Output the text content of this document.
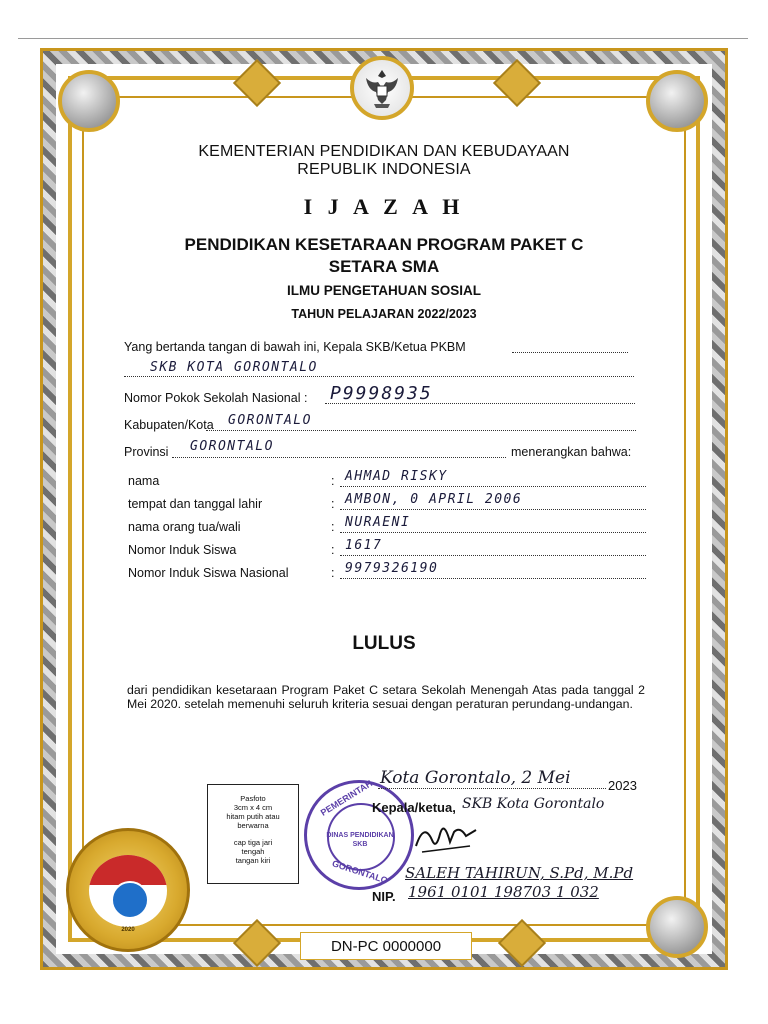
KEMENTERIAN PENDIDIKAN DAN KEBUDAYAAN
REPUBLIK INDONESIA
I J A Z A H
PENDIDIKAN KESETARAAN PROGRAM PAKET C
SETARA SMA
ILMU PENGETAHUAN SOSIAL
TAHUN PELAJARAN 2022/2023
Yang bertanda tangan di bawah ini, Kepala SKB/Ketua PKBM
SKB KOTA GORONTALO
Nomor Pokok Sekolah Nasional : P9998935
Kabupaten/Kota GORONTALO
Provinsi GORONTALO	menerangkan bahwa:
nama	: AHMAD RISKY
tempat dan tanggal lahir	: AMBON, 0 APRIL 2006
nama orang tua/wali	: NURAENI
Nomor Induk Siswa	: 1617
Nomor Induk Siswa Nasional	: 9979326190
LULUS
dari pendidikan kesetaraan Program Paket C setara Sekolah Menengah Atas pada tanggal 2 Mei 2020. setelah memenuhi seluruh kriteria sesuai dengan peraturan perundang-undangan.
Pasfoto
3cm x 4 cm
hitam putih atau
berwarna
cap tiga jari
tengah
tangan kiri
PEMERINTAH
DINAS PENDIDIKAN
SKB
GORONTALO
Kota Gorontalo, 2 Mei	2023
Kepala/ketua, SKB Kota Gorontalo
SALEH TAHIRUN, S.Pd, M.Pd
NIP. 1961 0101 198703 1 032
2020
DN-PC 0000000
